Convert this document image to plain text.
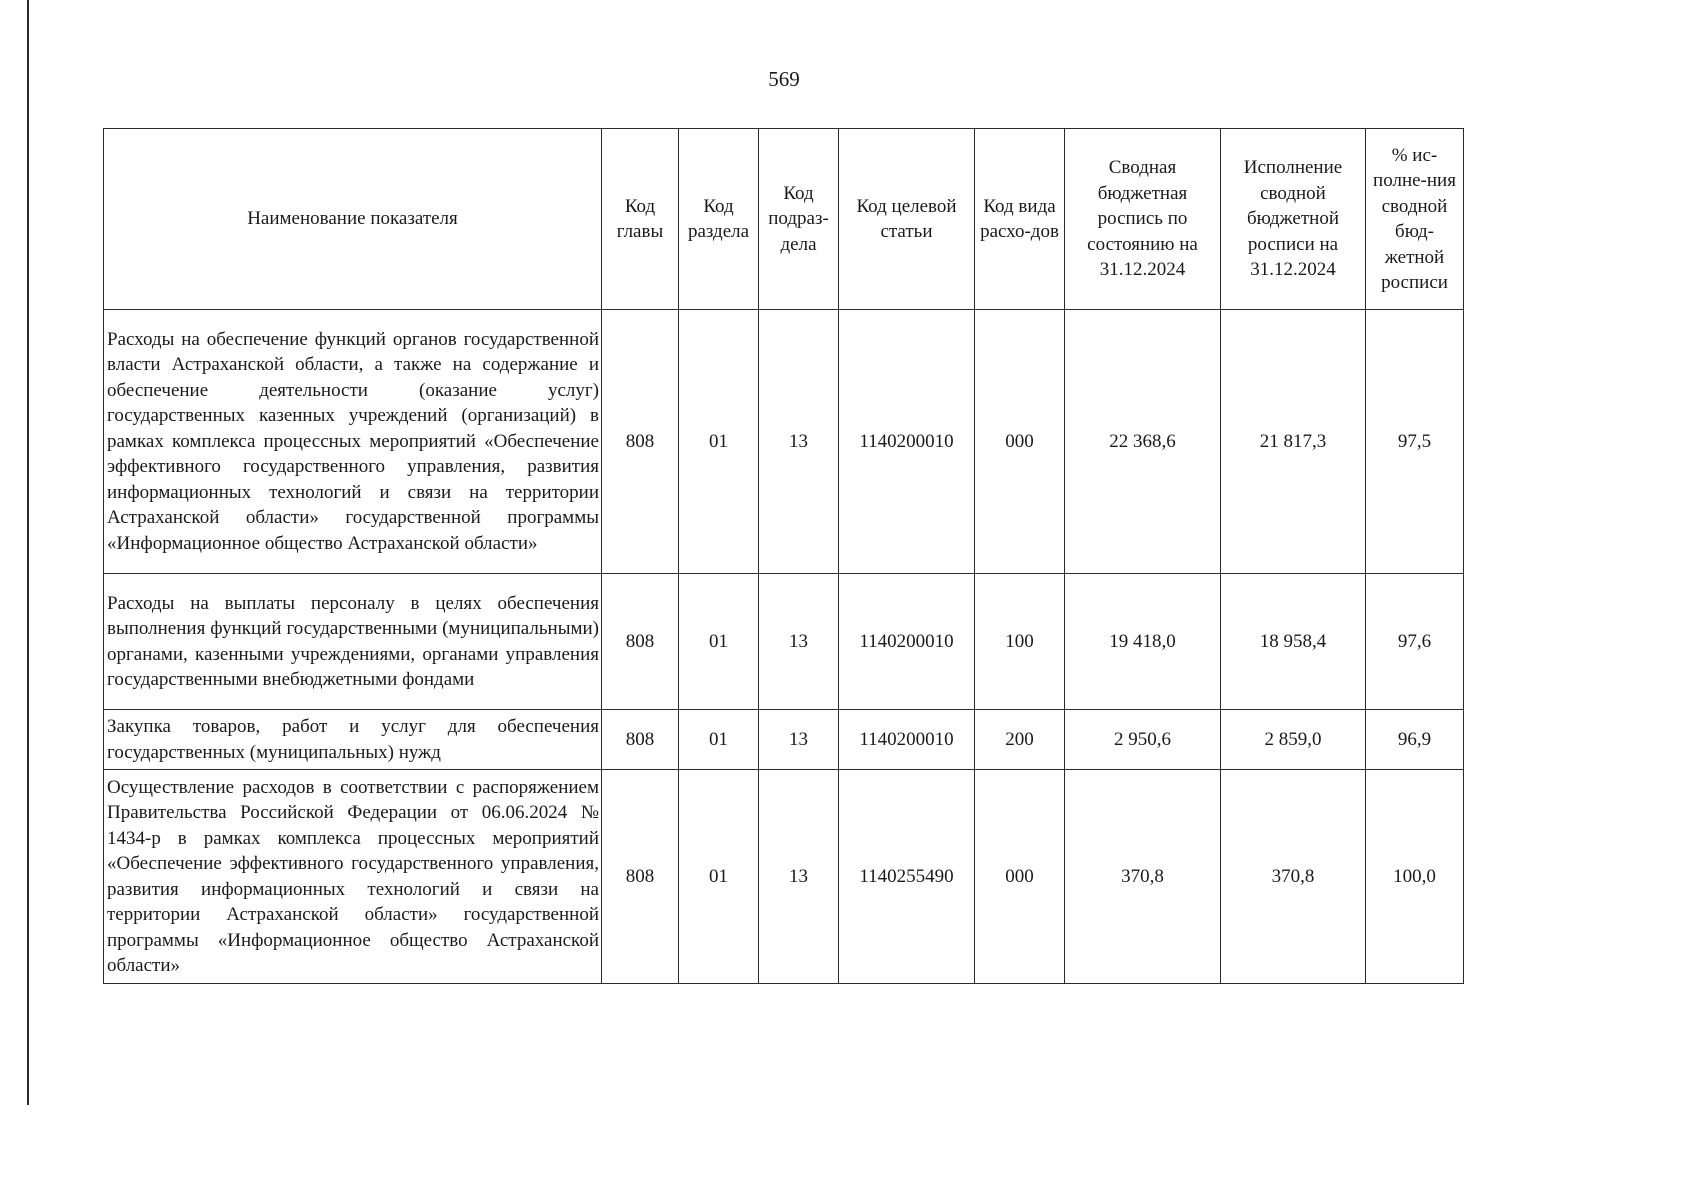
569
Наименование показателя	Код главы	Код раздела	Код подраз-дела	Код целевой статьи	Код вида расхо-дов	Сводная бюджетная роспись по состоянию на 31.12.2024	Исполнение сводной бюджетной росписи на 31.12.2024	% ис-полне-ния сводной бюд-жетной росписи
Расходы на обеспечение функций органов государственной власти Астраханской области, а также на содержание и обеспечение деятельности (оказание услуг) государственных казенных учреждений (организаций) в рамках комплекса процессных мероприятий «Обеспечение эффективного государственного управления, развития информационных технологий и связи на территории Астраханской области» государственной программы «Информационное общество Астраханской области»	808	01	13	1140200010	000	22 368,6	21 817,3	97,5
Расходы на выплаты персоналу в целях обеспечения выполнения функций государственными (муниципальными) органами, казенными учреждениями, органами управления государственными внебюджетными фондами	808	01	13	1140200010	100	19 418,0	18 958,4	97,6
Закупка товаров, работ и услуг для обеспечения государственных (муниципальных) нужд	808	01	13	1140200010	200	2 950,6	2 859,0	96,9
Осуществление расходов в соответствии с распоряжением Правительства Российской Федерации от 06.06.2024 № 1434-р в рамках комплекса процессных мероприятий «Обеспечение эффективного государственного управления, развития информационных технологий и связи на территории Астраханской области» государственной программы «Информационное общество Астраханской области»	808	01	13	1140255490	000	370,8	370,8	100,0
